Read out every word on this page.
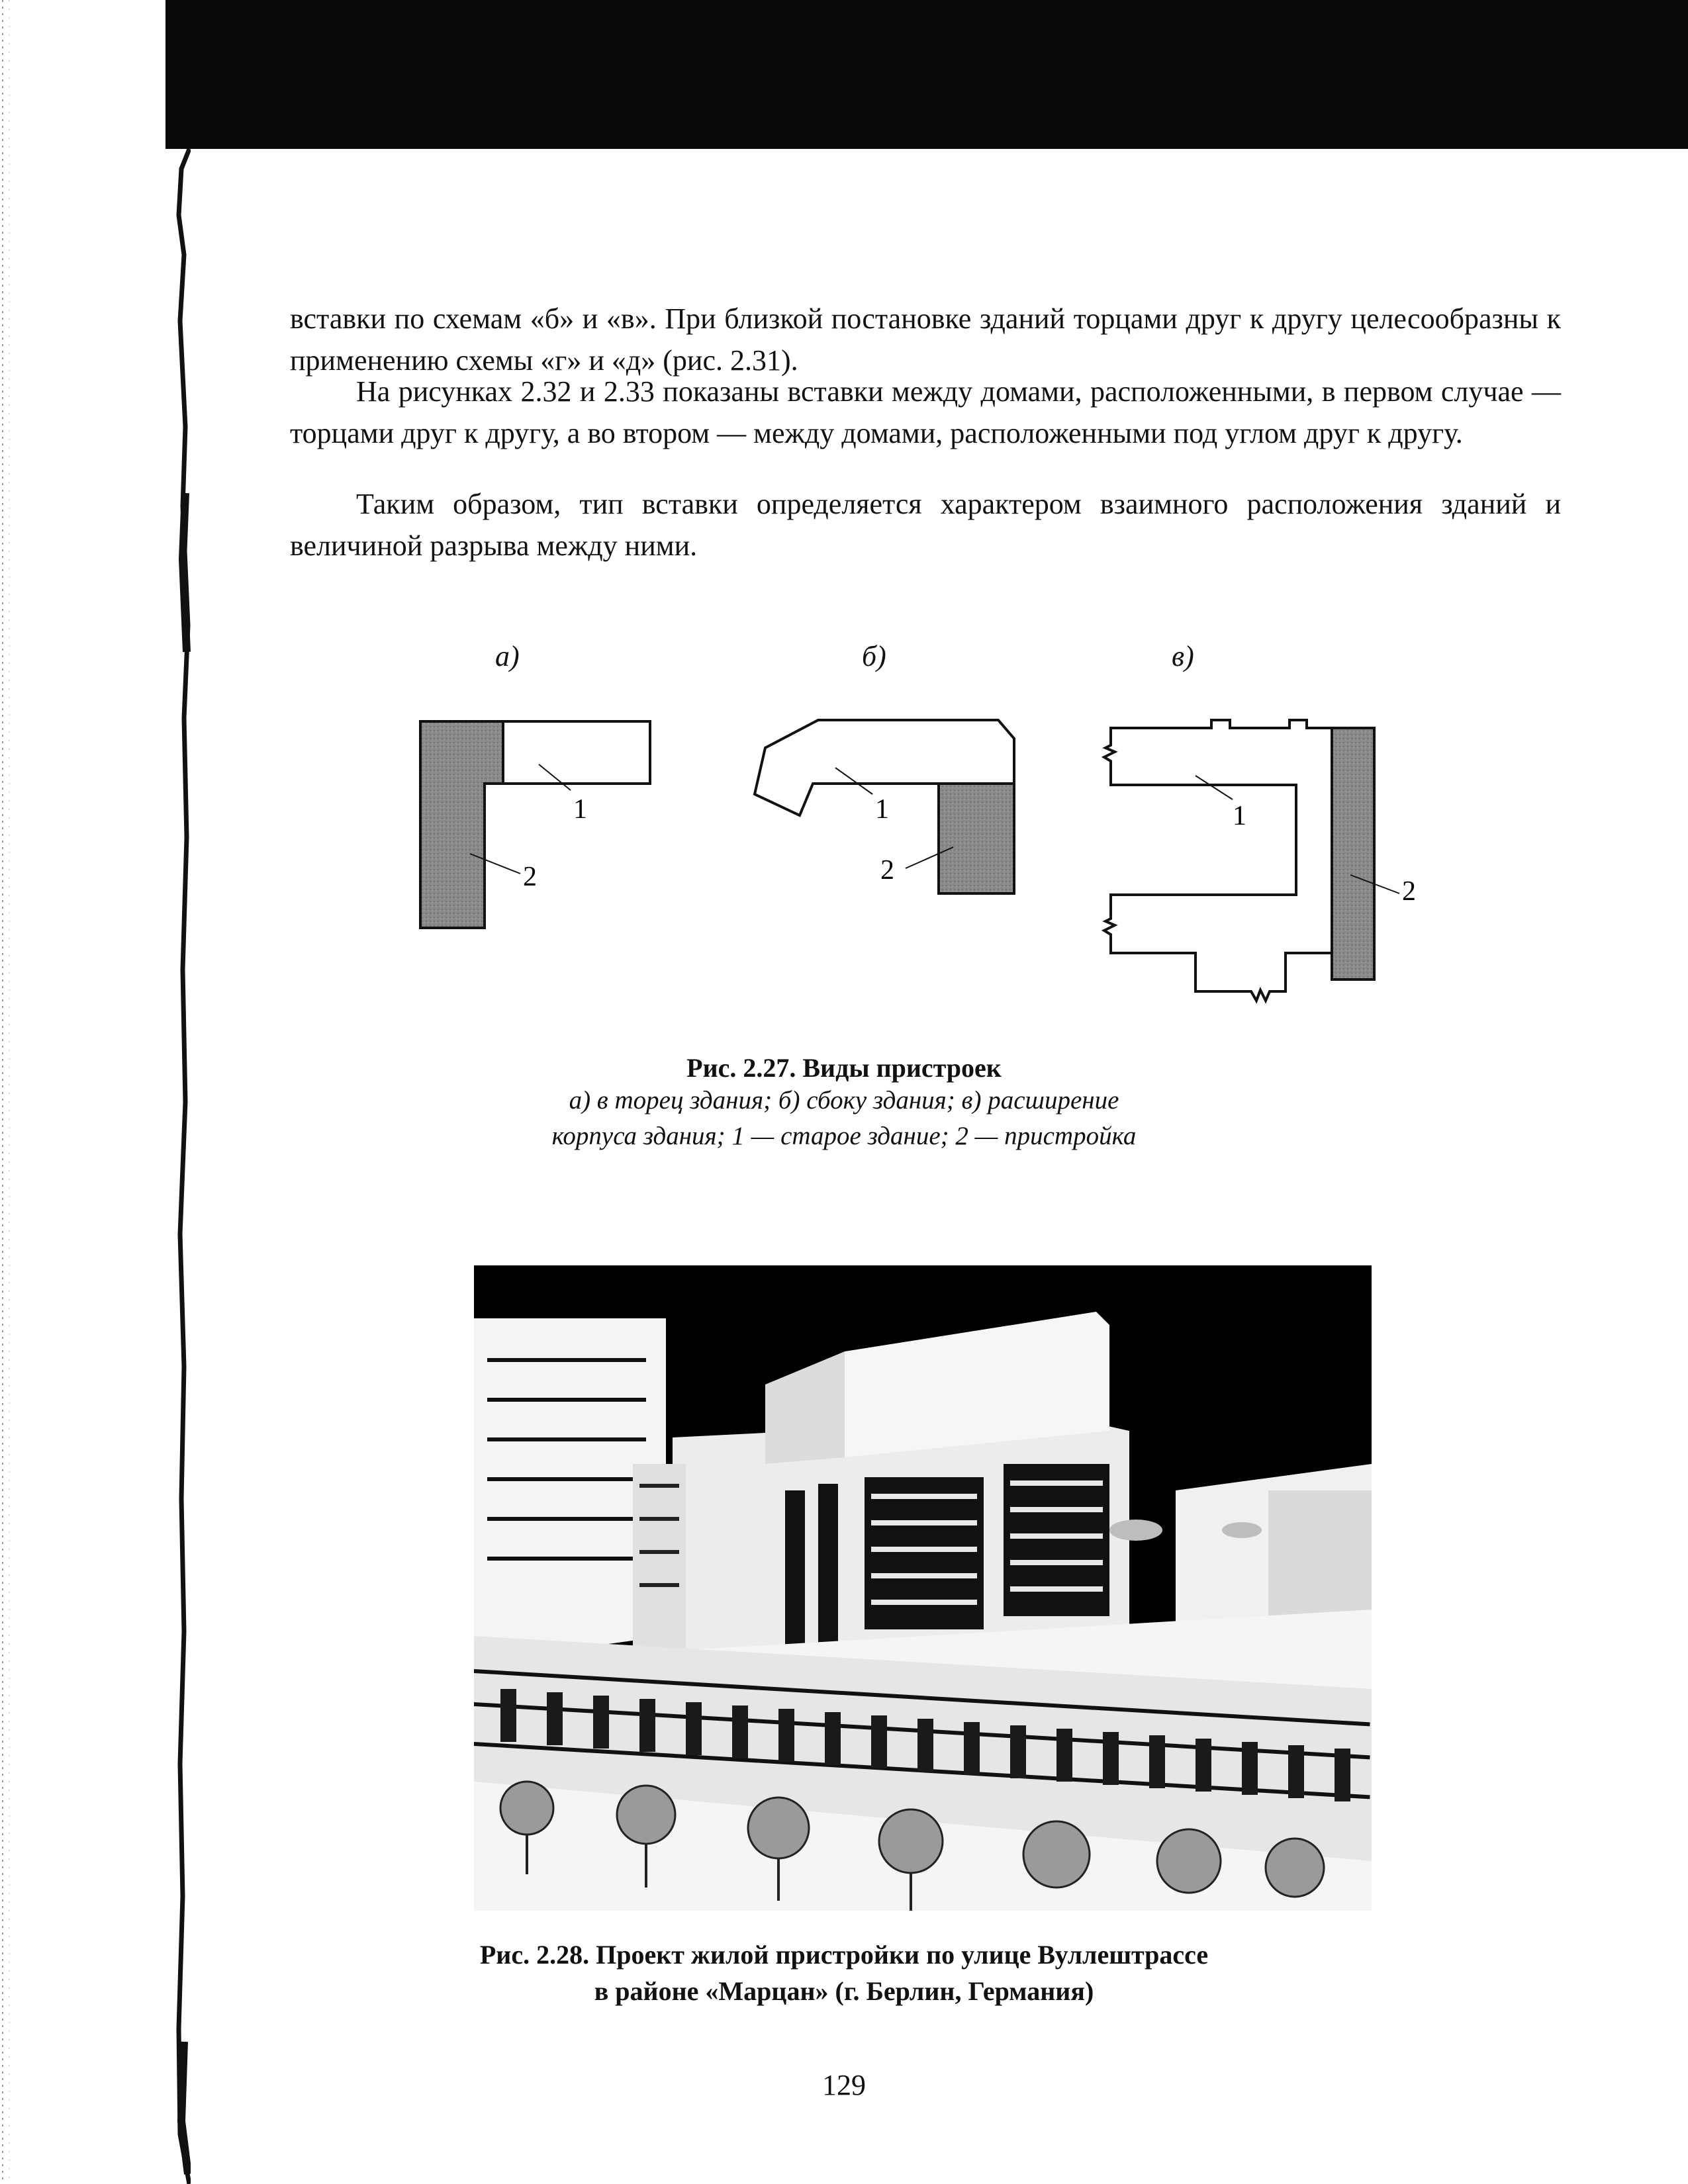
вставки по схемам «б» и «в». При близкой постановке зданий торцами друг к другу целесообразны к применению схемы «г» и «д» (рис. 2.31).

На рисунках 2.32 и 2.33 показаны вставки между домами, расположенными, в первом случае — торцами друг к другу, а во втором — между домами, расположенными под углом друг к другу.

Таким образом, тип вставки определяется характером взаимного расположения зданий и величиной разрыва между ними.

а)	б)	в)
1
2
1
2
1
2
Рис. 2.27. Виды пристроек
а) в торец здания; б) сбоку здания; в) расширение
корпуса здания; 1 — старое здание; 2 — пристройка
Рис. 2.28. Проект жилой пристройки по улице Вуллештрассе
в районе «Марцан» (г. Берлин, Германия)
129
